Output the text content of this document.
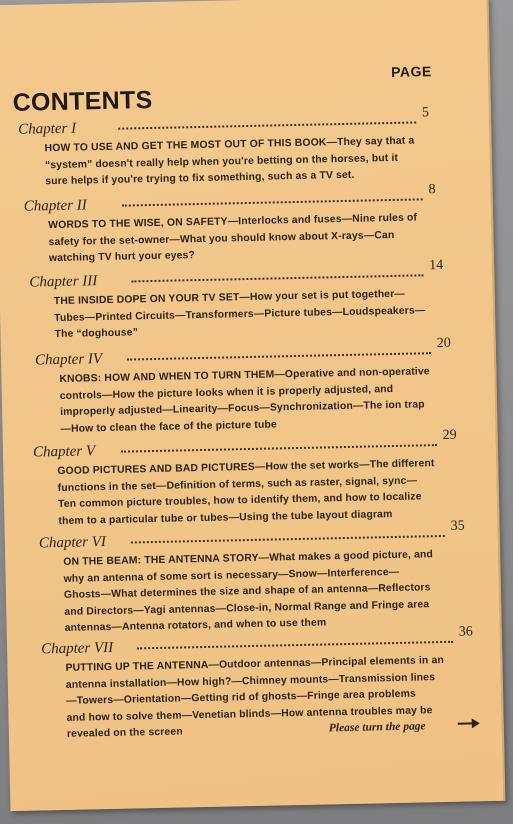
CONTENTS
PAGE
Chapter I
5
HOW TO USE AND GET THE MOST OUT OF THIS BOOK—They say that a
“system” doesn't really help when you're betting on the horses, but it
sure helps if you're trying to fix something, such as a TV set.
Chapter II
8
WORDS TO THE WISE, ON SAFETY—Interlocks and fuses—Nine rules of
safety for the set-owner—What you should know about X-rays—Can
watching TV hurt your eyes?
Chapter III
14
THE INSIDE DOPE ON YOUR TV SET—How your set is put together—
Tubes—Printed Circuits—Transformers—Picture tubes—Loudspeakers—
The “doghouse”
Chapter IV
20
KNOBS: HOW AND WHEN TO TURN THEM—Operative and non-operative
controls—How the picture looks when it is properly adjusted, and
improperly adjusted—Linearity—Focus—Synchronization—The ion trap
—How to clean the face of the picture tube
Chapter V
29
GOOD PICTURES AND BAD PICTURES—How the set works—The different
functions in the set—Definition of terms, such as raster, signal, sync—
Ten common picture troubles, how to identify them, and how to localize
them to a particular tube or tubes—Using the tube layout diagram
Chapter VI
35
ON THE BEAM: THE ANTENNA STORY—What makes a good picture, and
why an antenna of some sort is necessary—Snow—Interference—
Ghosts—What determines the size and shape of an antenna—Reflectors
and Directors—Yagi antennas—Close-in, Normal Range and Fringe area
antennas—Antenna rotators, and when to use them
Chapter VII
36
PUTTING UP THE ANTENNA—Outdoor antennas—Principal elements in an
antenna installation—How high?—Chimney mounts—Transmission lines
—Towers—Orientation—Getting rid of ghosts—Fringe area problems
and how to solve them—Venetian blinds—How antenna troubles may be
revealed on the screen	Please turn the page
